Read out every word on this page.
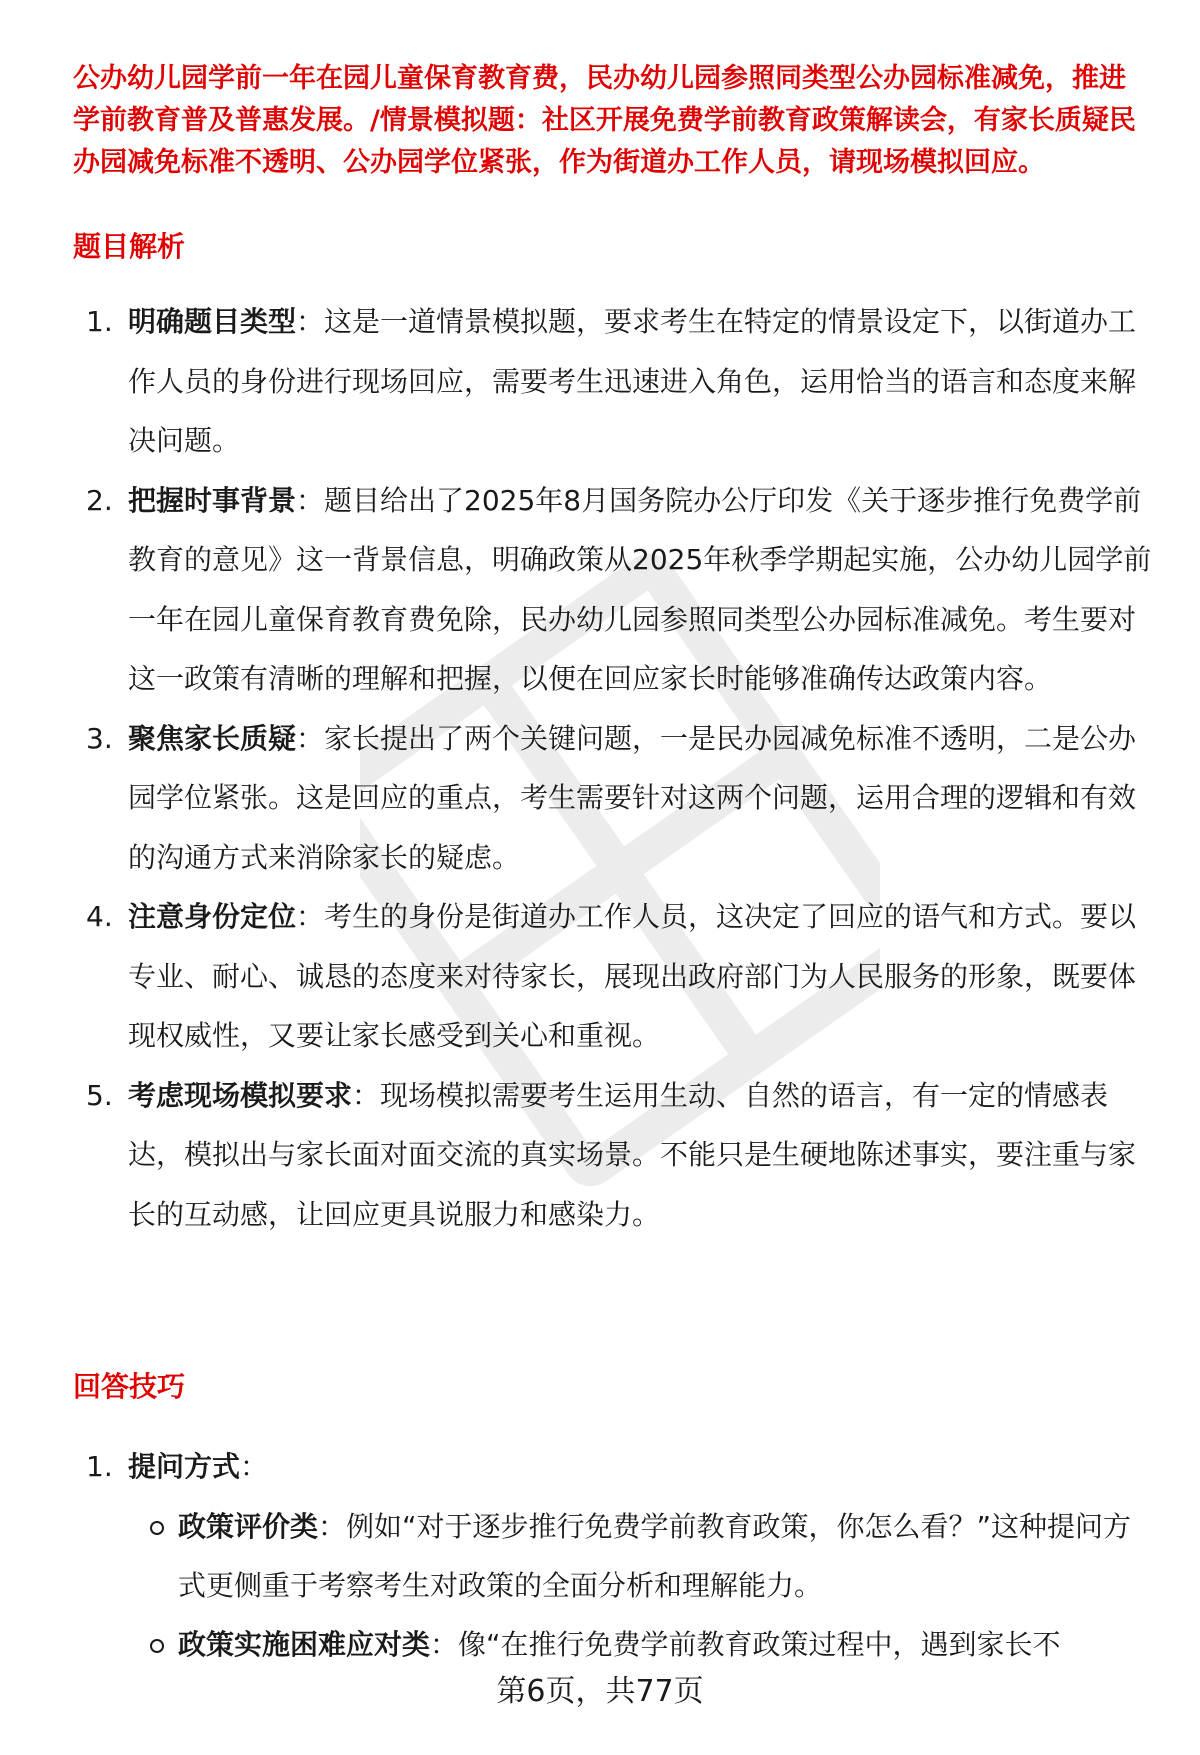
公办幼儿园学前一年在园儿童保育教育费，民办幼儿园参照同类型公办园标准减免，推进学前教育普及普惠发展。/情景模拟题：社区开展免费学前教育政策解读会，有家长质疑民办园减免标准不透明、公办园学位紧张，作为街道办工作人员，请现场模拟回应。

题目解析
1. 明确题目类型：这是一道情景模拟题，要求考生在特定的情景设定下，以街道办工作人员的身份进行现场回应，需要考生迅速进入角色，运用恰当的语言和态度来解决问题。
2. 把握时事背景：题目给出了2025年8月国务院办公厅印发《关于逐步推行免费学前教育的意见》这一背景信息，明确政策从2025年秋季学期起实施，公办幼儿园学前一年在园儿童保育教育费免除，民办幼儿园参照同类型公办园标准减免。考生要对这一政策有清晰的理解和把握，以便在回应家长时能够准确传达政策内容。
3. 聚焦家长质疑：家长提出了两个关键问题，一是民办园减免标准不透明，二是公办园学位紧张。这是回应的重点，考生需要针对这两个问题，运用合理的逻辑和有效的沟通方式来消除家长的疑虑。
4. 注意身份定位：考生的身份是街道办工作人员，这决定了回应的语气和方式。要以专业、耐心、诚恳的态度来对待家长，展现出政府部门为人民服务的形象，既要体现权威性，又要让家长感受到关心和重视。
5. 考虑现场模拟要求：现场模拟需要考生运用生动、自然的语言，有一定的情感表达，模拟出与家长面对面交流的真实场景。不能只是生硬地陈述事实，要注重与家长的互动感，让回应更具说服力和感染力。
回答技巧
1. 提问方式：
政策评价类：例如“对于逐步推行免费学前教育政策，你怎么看？”这种提问方式更侧重于考察考生对政策的全面分析和理解能力。
政策实施困难应对类：像“在推行免费学前教育政策过程中，遇到家长不
第6页，共77页
